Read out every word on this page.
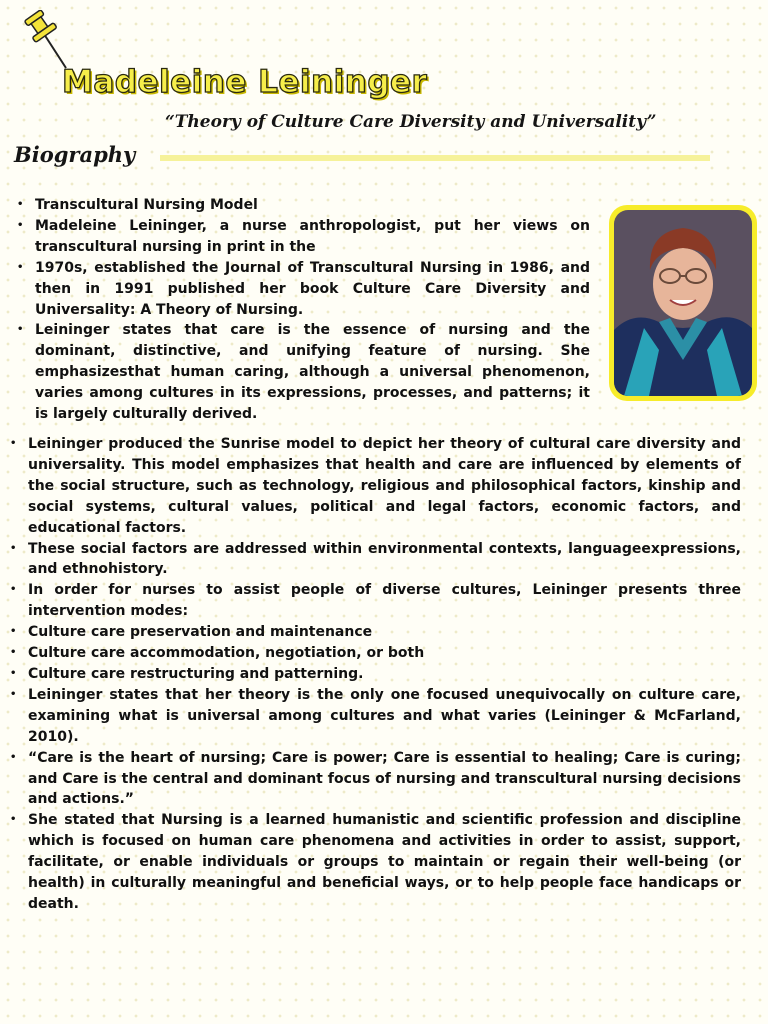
Madeleine Leininger
“Theory of Culture Care Diversity and Universality”
Biography
• Transcultural Nursing Model
• Madeleine Leininger, a nurse anthropologist, put her views on transcultural nursing in print in the
• 1970s, established the Journal of Transcultural Nursing in 1986, and then in 1991 published her book Culture Care Diversity and Universality: A Theory of Nursing.
• Leininger states that care is the essence of nursing and the dominant, distinctive, and unifying feature of nursing. She emphasizesthat human caring, although a universal phenomenon, varies among cultures in its expressions, processes, and patterns; it is largely culturally derived.
• Leininger produced the Sunrise model to depict her theory of cultural care diversity and universality. This model emphasizes that health and care are influenced by elements of the social structure, such as technology, religious and philosophical factors, kinship and social systems, cultural values, political and legal factors, economic factors, and educational factors.
• These social factors are addressed within environmental contexts, languageexpressions, and ethnohistory.
• In order for nurses to assist people of diverse cultures, Leininger presents three intervention modes:
• Culture care preservation and maintenance
• Culture care accommodation, negotiation, or both
• Culture care restructuring and patterning.
• Leininger states that her theory is the only one focused unequivocally on culture care, examining what is universal among cultures and what varies (Leininger & McFarland, 2010).
• “Care is the heart of nursing; Care is power; Care is essential to healing; Care is curing; and Care is the central and dominant focus of nursing and transcultural nursing decisions and actions.”
• She stated that Nursing is a learned humanistic and scientific profession and discipline which is focused on human care phenomena and activities in order to assist, support, facilitate, or enable individuals or groups to maintain or regain their well-being (or health) in culturally meaningful and beneficial ways, or to help people face handicaps or death.
